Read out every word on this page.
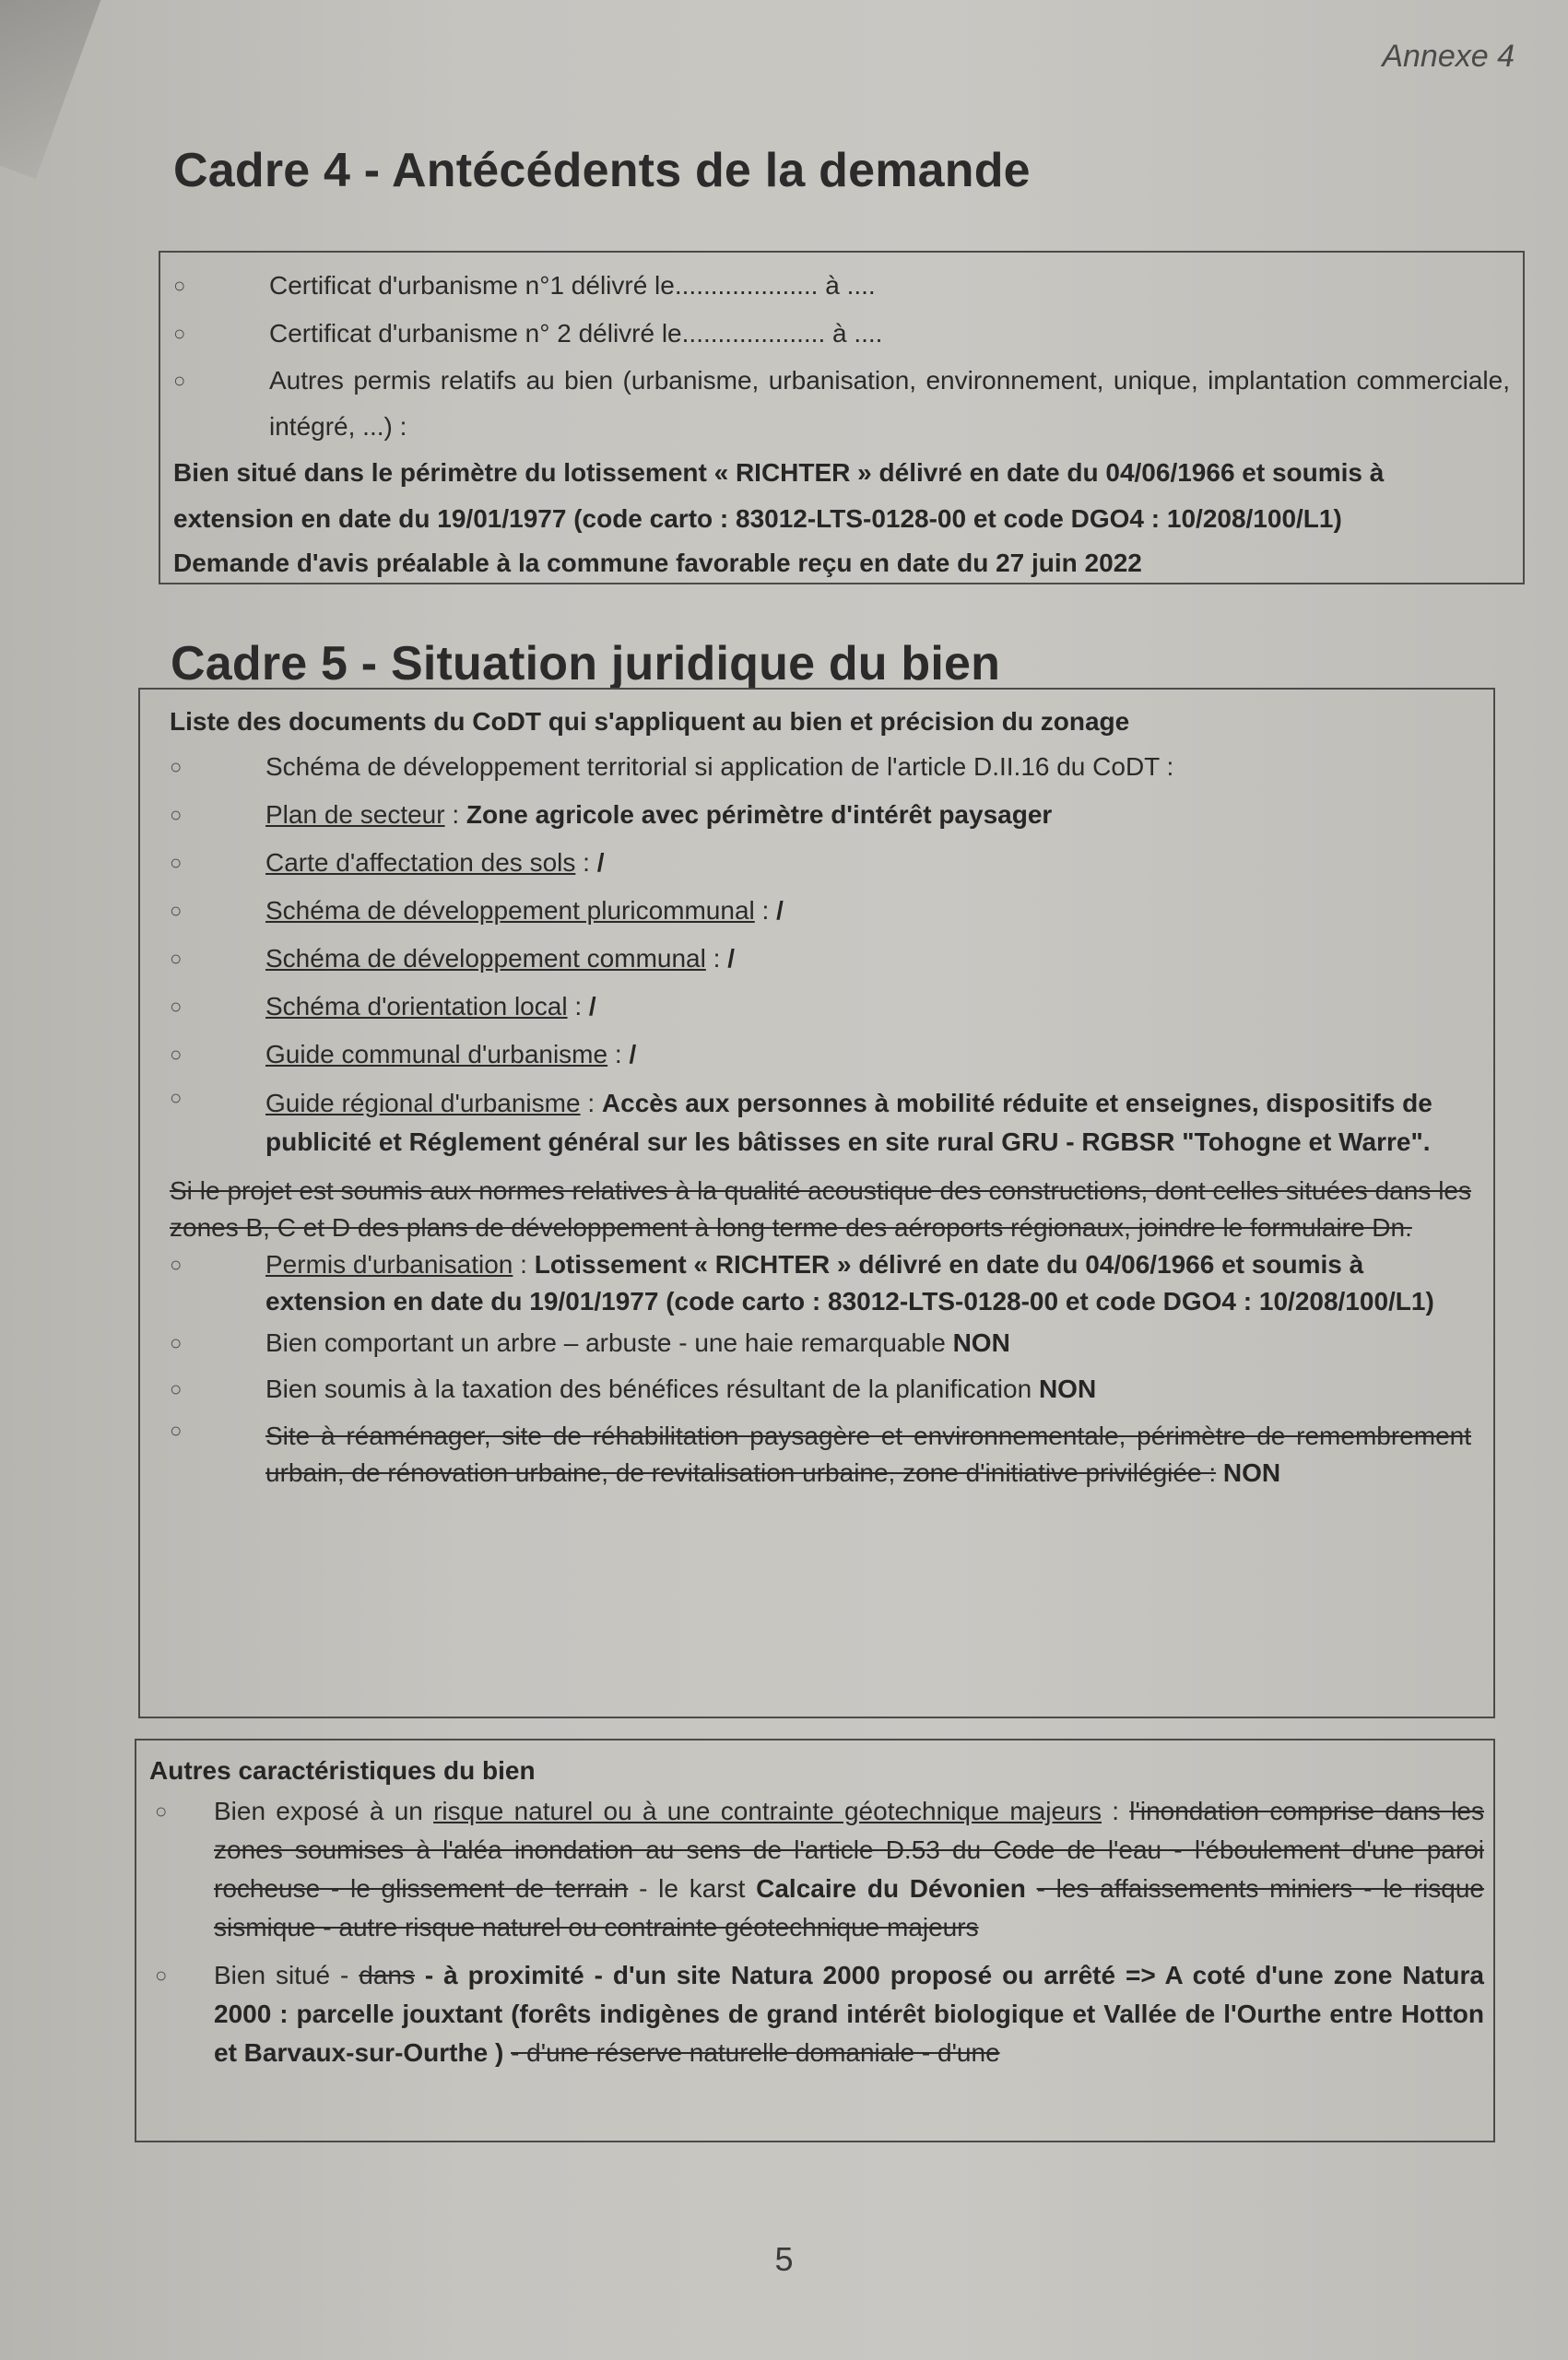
Annexe 4
Cadre 4 - Antécédents de la demande
○	Certificat d'urbanisme n°1 délivré le.................... à ....
○	Certificat d'urbanisme n° 2 délivré le.................... à ....
○	Autres permis relatifs au bien (urbanisme, urbanisation, environnement, unique, implantation commerciale, intégré, ...) :
Bien situé dans le périmètre du lotissement « RICHTER » délivré en date du 04/06/1966 et soumis à extension en date du 19/01/1977 (code carto : 83012-LTS-0128-00 et code DGO4 : 10/208/100/L1)
Demande d'avis préalable à la commune favorable reçu en date du 27 juin 2022
Cadre 5 - Situation juridique du bien
Liste des documents du CoDT qui s'appliquent au bien et précision du zonage
○	Schéma de développement territorial si application de l'article D.II.16 du CoDT :
○	Plan de secteur : Zone agricole avec périmètre d'intérêt paysager
○	Carte d'affectation des sols : /
○	Schéma de développement pluricommunal : /
○	Schéma de développement communal : /
○	Schéma d'orientation local : /
○	Guide communal d'urbanisme : /
○	Guide régional d'urbanisme : Accès aux personnes à mobilité réduite et enseignes, dispositifs de publicité et Réglement général sur les bâtisses en site rural GRU - RGBSR "Tohogne et Warre".
Si le projet est soumis aux normes relatives à la qualité acoustique des constructions, dont celles situées dans les zones B, C et D des plans de développement à long terme des aéroports régionaux, joindre le formulaire Dn.
○	Permis d'urbanisation : Lotissement « RICHTER » délivré en date du 04/06/1966 et soumis à extension en date du 19/01/1977 (code carto : 83012-LTS-0128-00 et code DGO4 : 10/208/100/L1)
○	Bien comportant un arbre – arbuste - une haie remarquable NON
○	Bien soumis à la taxation des bénéfices résultant de la planification NON
○	Site à réaménager, site de réhabilitation paysagère et environnementale, périmètre de remembrement urbain, de rénovation urbaine, de revitalisation urbaine, zone d'initiative privilégiée : NON
Autres caractéristiques du bien
○	Bien exposé à un risque naturel ou à une contrainte géotechnique majeurs : l'inondation comprise dans les zones soumises à l'aléa inondation au sens de l'article D.53 du Code de l'eau - l'éboulement d'une paroi rocheuse - le glissement de terrain - le karst Calcaire du Dévonien - les affaissements miniers - le risque sismique - autre risque naturel ou contrainte géotechnique majeurs
○	Bien situé - dans - à proximité - d'un site Natura 2000 proposé ou arrêté => A coté d'une zone Natura 2000 : parcelle jouxtant (forêts indigènes de grand intérêt biologique et Vallée de l'Ourthe entre Hotton et Barvaux-sur-Ourthe ) - d'une réserve naturelle domaniale - d'une
5
